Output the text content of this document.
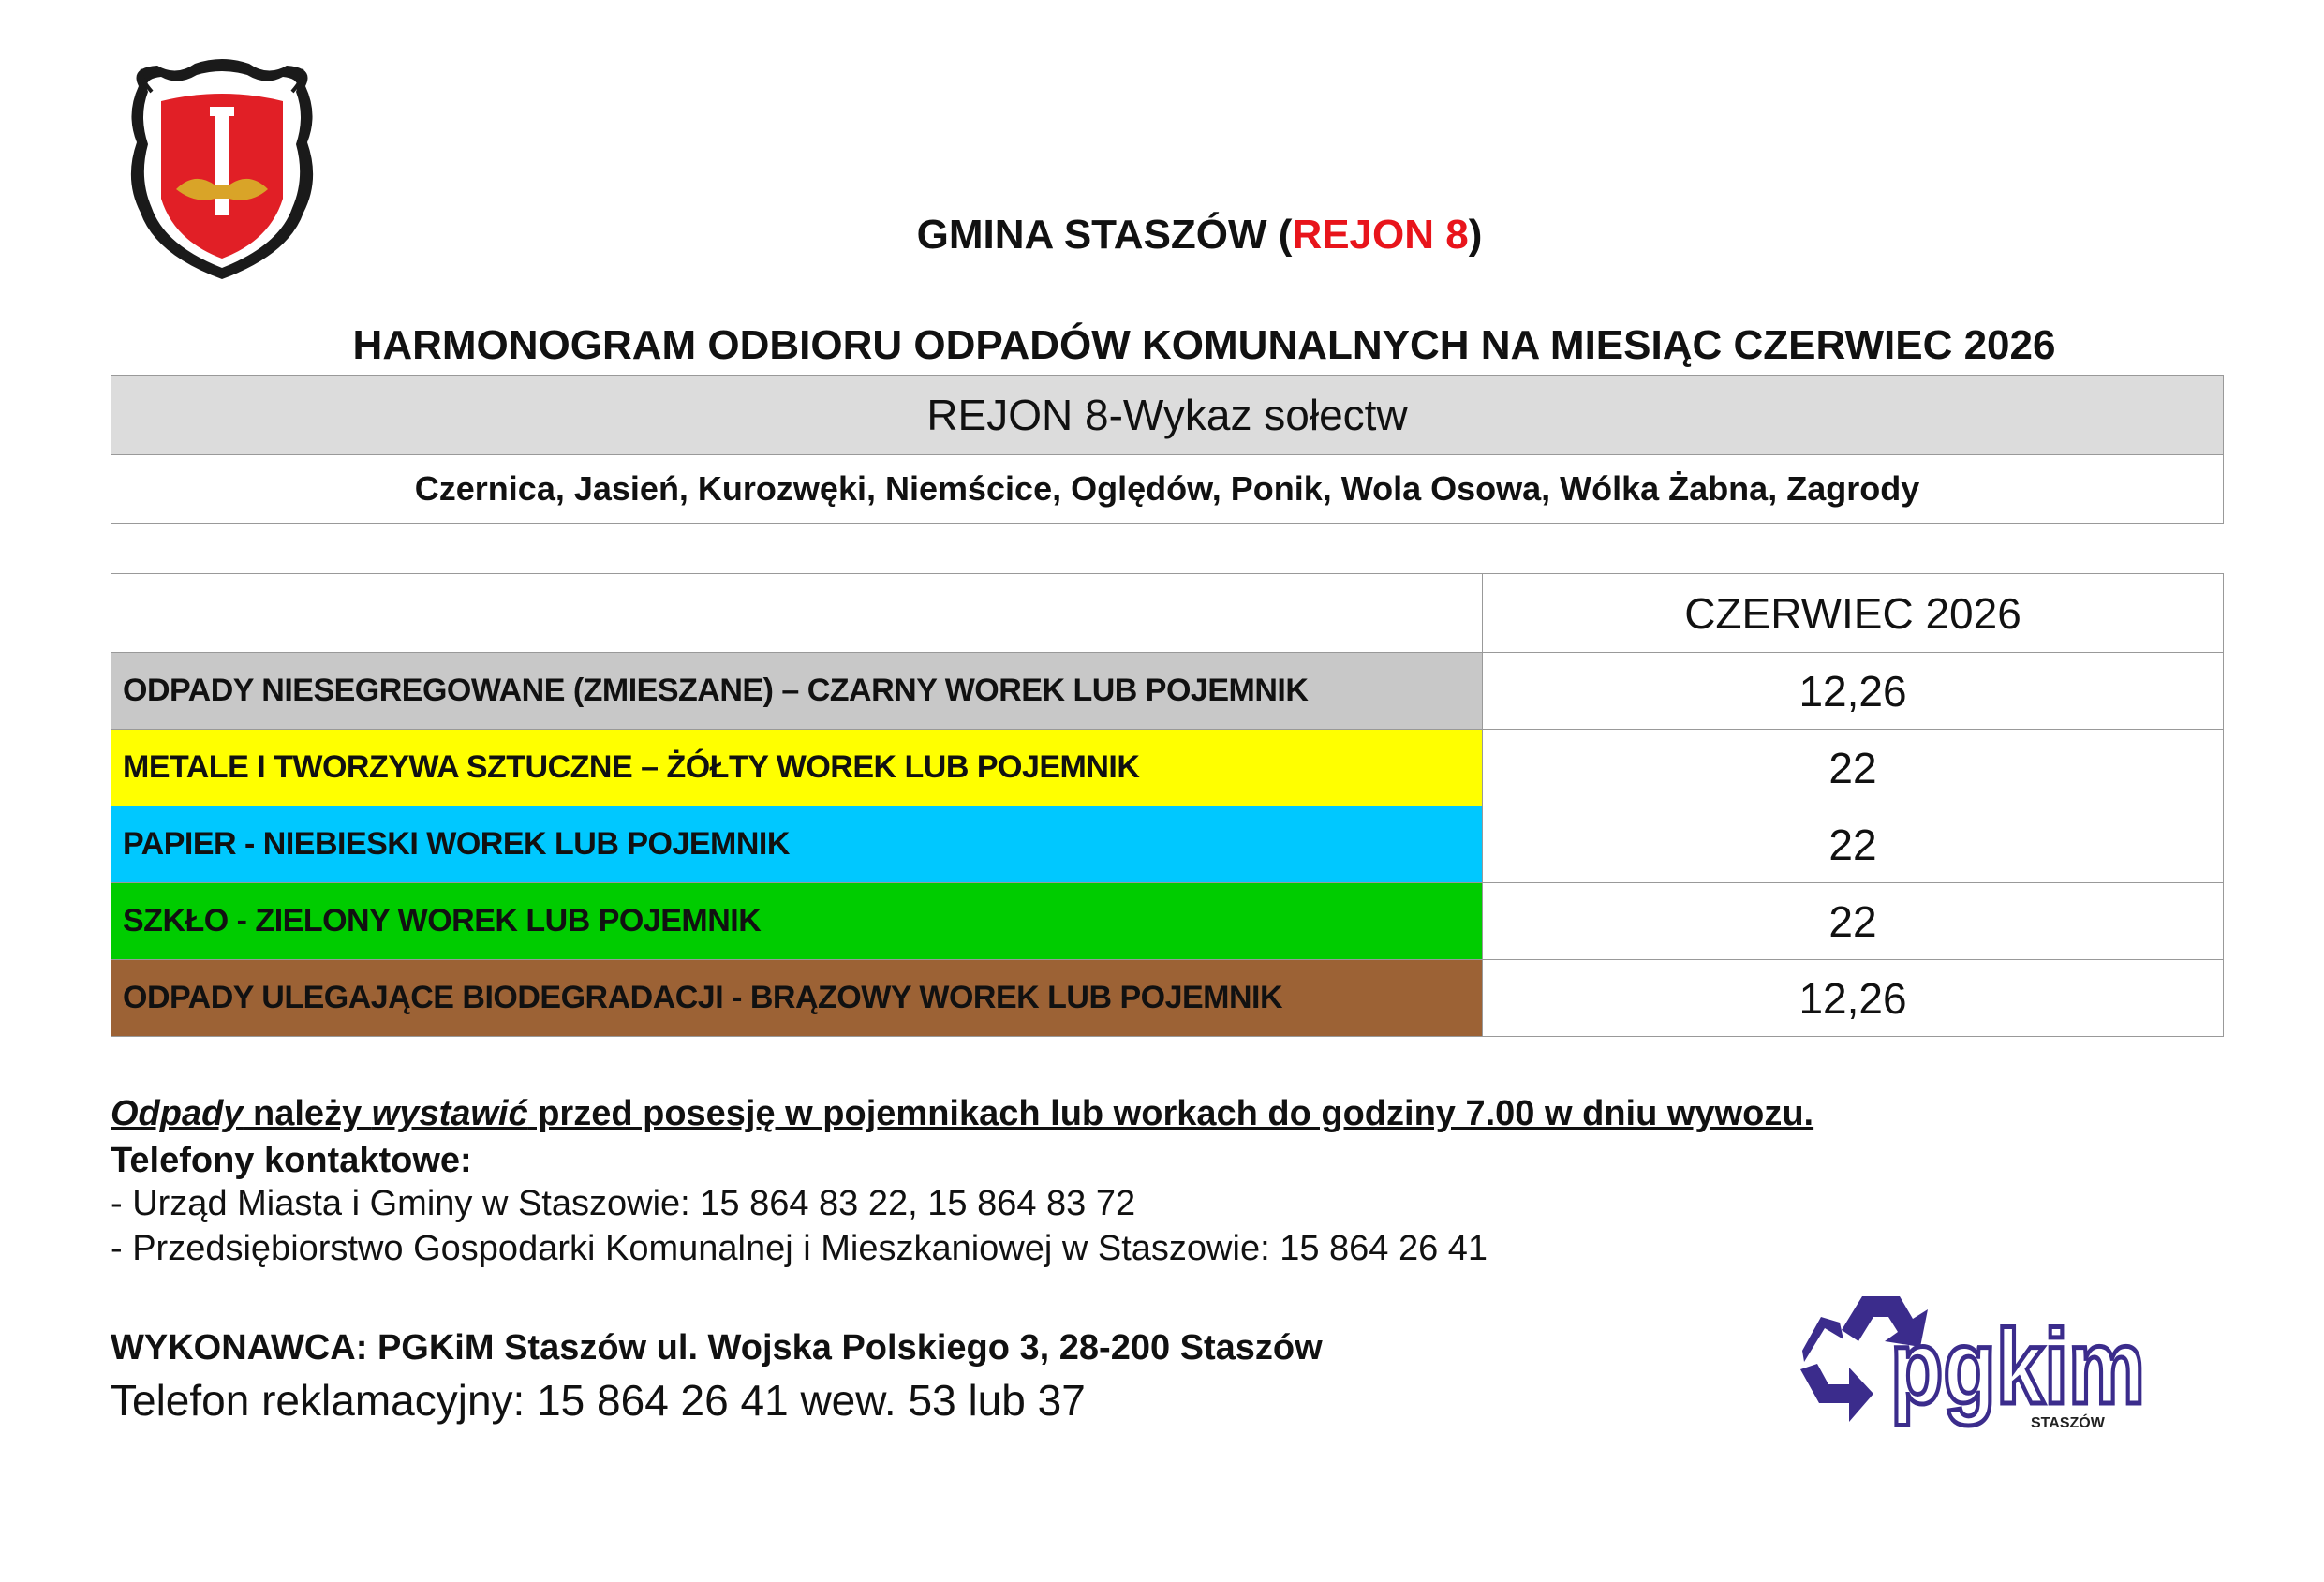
GMINA STASZÓW (REJON 8)
HARMONOGRAM ODBIORU ODPADÓW KOMUNALNYCH NA MIESIĄC CZERWIEC 2026
REJON 8-Wykaz sołectw
Czernica, Jasień, Kurozwęki, Niemścice, Oględów, Ponik, Wola Osowa, Wólka Żabna, Zagrody
	CZERWIEC 2026
ODPADY NIESEGREGOWANE (ZMIESZANE) – CZARNY WOREK LUB POJEMNIK	12,26
METALE I TWORZYWA SZTUCZNE – ŻÓŁTY WOREK LUB POJEMNIK	22
PAPIER - NIEBIESKI WOREK LUB POJEMNIK	22
SZKŁO - ZIELONY WOREK LUB POJEMNIK	22
ODPADY ULEGAJĄCE BIODEGRADACJI - BRĄZOWY WOREK LUB POJEMNIK	12,26
Odpady należy wystawić przed posesję w pojemnikach lub workach do godziny 7.00 w dniu wywozu.
Telefony kontaktowe:
- Urząd Miasta i Gminy w Staszowie: 15 864 83 22, 15 864 83 72
- Przedsiębiorstwo Gospodarki Komunalnej i Mieszkaniowej w Staszowie: 15 864 26 41
WYKONAWCA: PGKiM Staszów ul. Wojska Polskiego 3, 28-200 Staszów
Telefon reklamacyjny: 15 864 26 41 wew. 53 lub 37	pgkim
STASZÓW
